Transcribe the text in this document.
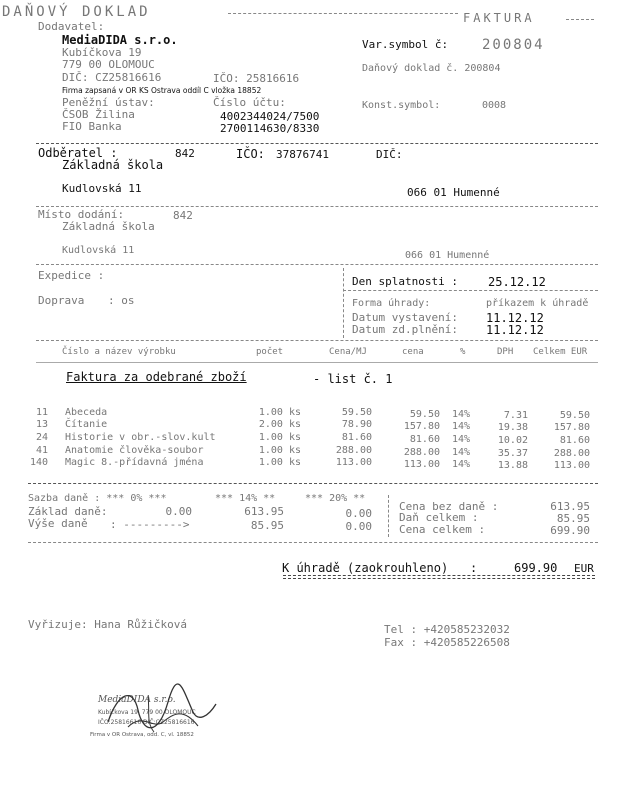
DAŇOVÝ DOKLAD	FAKTURA
Dodavatel:
MediaDIDA s.r.o.
Kubíčkova 19
779 00 OLOMOUC
DIČ: CZ25816616	IČO: 25816616
Firma zapsaná v OR KS Ostrava oddíl C vložka 18852
Peněžní ústav:	Číslo účtu:
ČSOB Žilina	4002344024/7500
FIO Banka	2700114630/8330
Var.symbol č: 200804
Daňový doklad č. 200804
Konst.symbol:	0008
Odběratel :	842	IČO: 37876741	DIČ:
Základná škola
Kudlovská 11	066 01 Humenné
Místo dodání:	842
Základná škola
Kudlovská 11	066 01 Humenné
Expedice :
Doprava : os
Den splatnosti :	25.12.12
Forma úhrady:	příkazem k úhradě
Datum vystavení: 11.12.12
Datum zd.plnění: 11.12.12
Číslo a název výrobku	počet	Cena/MJ	cena	%	DPH Celkem EUR
Faktura za odebrané zboží	- list č. 1
11 Abeceda	1.00 ks	59.50	59.50	14%	7.31	59.50
13 Čítanie	2.00 ks	78.90	157.80	14%	19.38	157.80
24 Historie v obr.-slov.kult	1.00 ks	81.60	81.60	14%	10.02	81.60
41 Anatomie člověka-soubor	1.00 ks	288.00	288.00	14%	35.37	288.00
140 Magic 8.-přídavná jména	1.00 ks	113.00	113.00	14%	13.88	113.00
Sazba daně : *** 0% ***	*** 14% **	*** 20% **
Základ daně:	0.00	613.95	0.00
Výše daně : --------->	85.95	0.00
Cena bez daně :	613.95
Daň celkem :	85.95
Cena celkem :	699.90
K úhradě (zaokrouhleno) :	699.90 EUR
Vyřizuje: Hana Růžičková	Tel : +420585232032
Fax : +420585226508
MediaDIDA s.r.o.
Kubíčkova 19, 779 00 OLOMOUC
IČO:25816616 DIČ:CZ25816616
Firma v OR Ostrava, odd. C, vl. 18852
